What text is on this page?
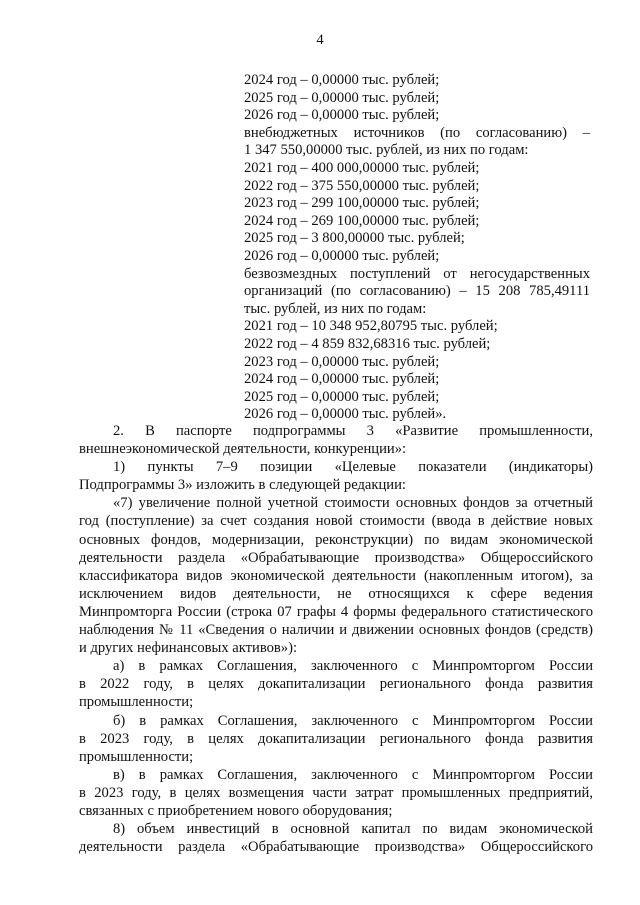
4
2024 год – 0,00000 тыс. рублей;
2025 год – 0,00000 тыс. рублей;
2026 год – 0,00000 тыс. рублей;
внебюджетных источников (по согласованию) –
1 347 550,00000 тыс. рублей, из них по годам:
2021 год – 400 000,00000 тыс. рублей;
2022 год – 375 550,00000 тыс. рублей;
2023 год – 299 100,00000 тыс. рублей;
2024 год – 269 100,00000 тыс. рублей;
2025 год – 3 800,00000 тыс. рублей;
2026 год – 0,00000 тыс. рублей;
безвозмездных поступлений от негосударственных
организаций (по согласованию) – 15 208 785,49111
тыс. рублей, из них по годам:
2021 год – 10 348 952,80795 тыс. рублей;
2022 год – 4 859 832,68316 тыс. рублей;
2023 год – 0,00000 тыс. рублей;
2024 год – 0,00000 тыс. рублей;
2025 год – 0,00000 тыс. рублей;
2026 год – 0,00000 тыс. рублей».
2. В паспорте подпрограммы 3 «Развитие промышленности,
внешнеэкономической деятельности, конкуренции»:
1) пункты 7–9 позиции «Целевые показатели (индикаторы)
Подпрограммы 3» изложить в следующей редакции:
«7) увеличение полной учетной стоимости основных фондов за отчетный
год (поступление) за счет создания новой стоимости (ввода в действие новых
основных фондов, модернизации, реконструкции) по видам экономической
деятельности раздела «Обрабатывающие производства» Общероссийского
классификатора видов экономической деятельности (накопленным итогом), за
исключением видов деятельности, не относящихся к сфере ведения
Минпромторга России (строка 07 графы 4 формы федерального статистического
наблюдения № 11 «Сведения о наличии и движении основных фондов (средств)
и других нефинансовых активов»):
а) в рамках Соглашения, заключенного с Минпромторгом России
в 2022 году, в целях докапитализации регионального фонда развития
промышленности;
б) в рамках Соглашения, заключенного с Минпромторгом России
в 2023 году, в целях докапитализации регионального фонда развития
промышленности;
в) в рамках Соглашения, заключенного с Минпромторгом России
в 2023 году, в целях возмещения части затрат промышленных предприятий,
связанных с приобретением нового оборудования;
8) объем инвестиций в основной капитал по видам экономической
деятельности раздела «Обрабатывающие производства» Общероссийского
